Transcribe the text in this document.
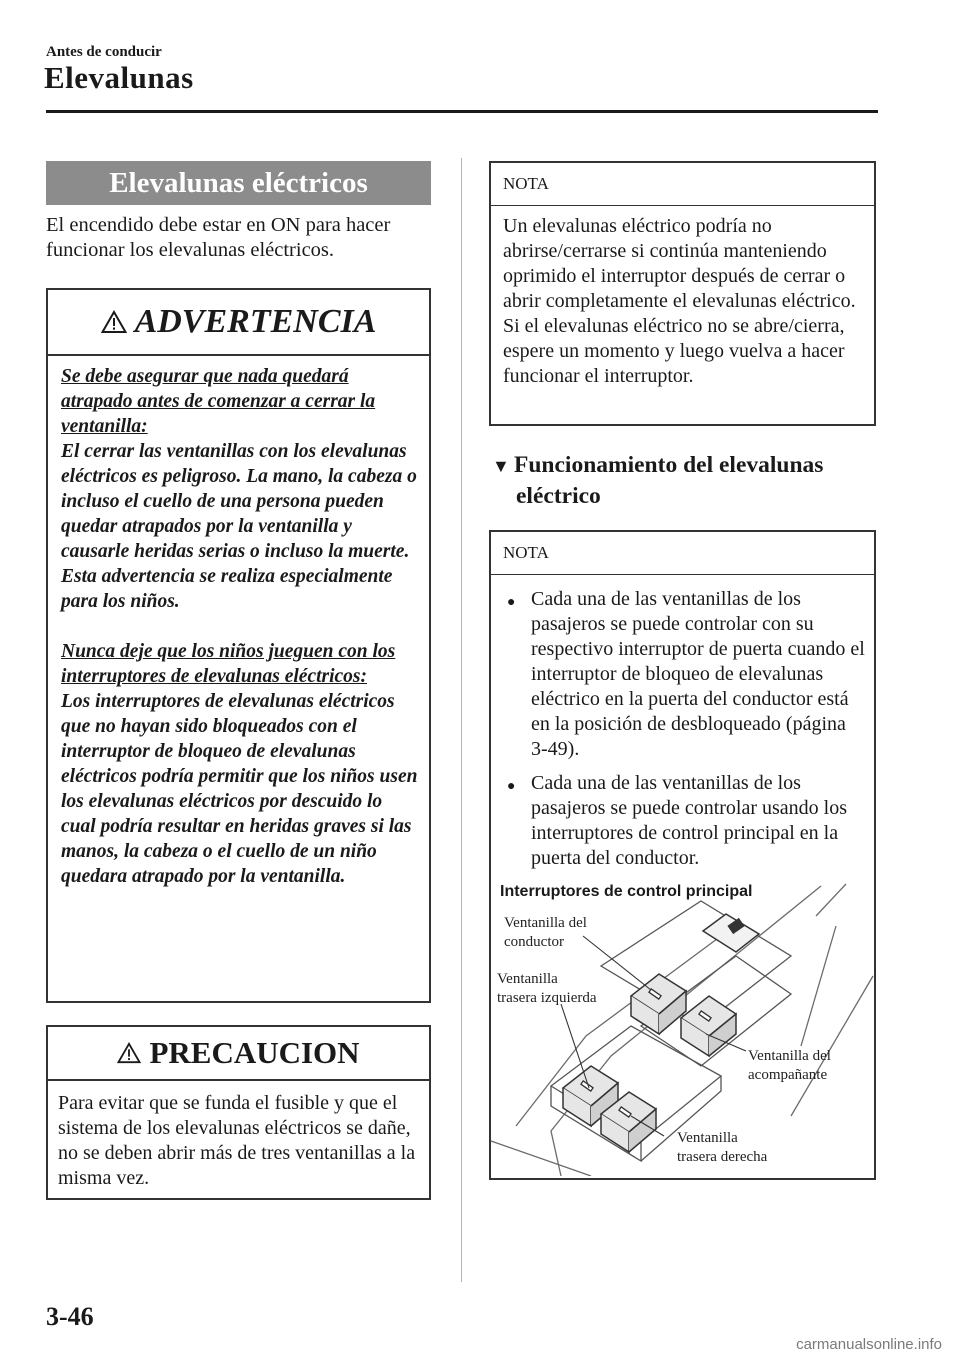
Antes de conducir
Elevalunas
Elevalunas eléctricos
El encendido debe estar en ON para hacer funcionar los elevalunas eléctricos.
ADVERTENCIA

Se debe asegurar que nada quedará atrapado antes de comenzar a cerrar la ventanilla:

El cerrar las ventanillas con los elevalunas eléctricos es peligroso. La mano, la cabeza o incluso el cuello de una persona pueden quedar atrapados por la ventanilla y causarle heridas serias o incluso la muerte. Esta advertencia se realiza especialmente para los niños.

Nunca deje que los niños jueguen con los interruptores de elevalunas eléctricos:

Los interruptores de elevalunas eléctricos que no hayan sido bloqueados con el interruptor de bloqueo de elevalunas eléctricos podría permitir que los niños usen los elevalunas eléctricos por descuido lo cual podría resultar en heridas graves si las manos, la cabeza o el cuello de un niño quedara atrapado por la ventanilla.

PRECAUCION
Para evitar que se funda el fusible y que el sistema de los elevalunas eléctricos se dañe, no se deben abrir más de tres ventanillas a la misma vez.
NOTA
Un elevalunas eléctrico podría no abrirse/cerrarse si continúa manteniendo oprimido el interruptor después de cerrar o abrir completamente el elevalunas eléctrico. Si el elevalunas eléctrico no se abre/cierra, espere un momento y luego vuelva a hacer funcionar el interruptor.
▼ Funcionamiento del elevalunas
eléctrico
NOTA
● Cada una de las ventanillas de los pasajeros se puede controlar con su respectivo interruptor de puerta cuando el interruptor de bloqueo de elevalunas eléctrico en la puerta del conductor está en la posición de desbloqueado (página 3-49).
● Cada una de las ventanillas de los pasajeros se puede controlar usando los interruptores de control principal en la puerta del conductor.
Interruptores de control principal
Ventanilla del
conductor
Ventanilla
trasera izquierda
Ventanilla del
acompañante
Ventanilla
trasera derecha
3-46
carmanualsonline.info
